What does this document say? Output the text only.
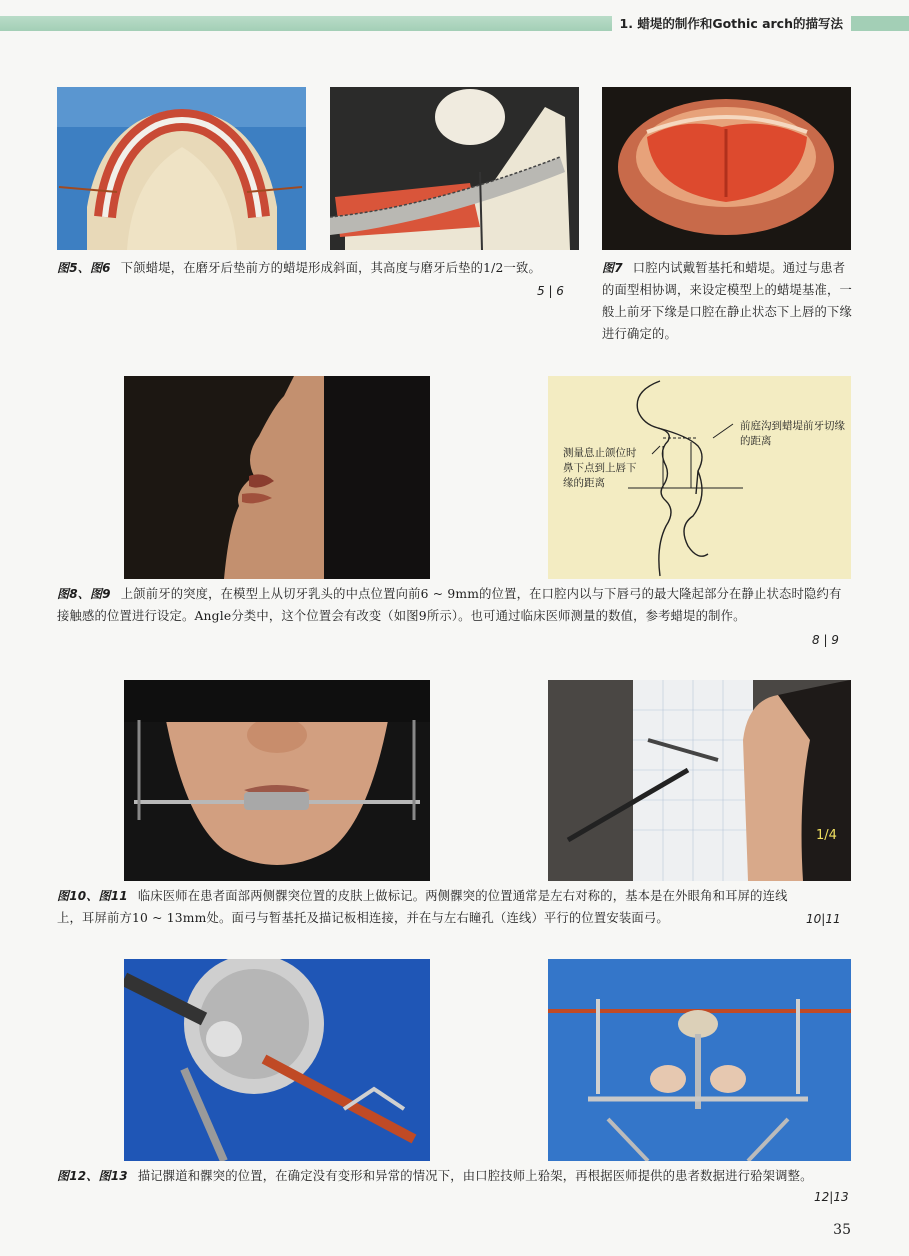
1. 蜡堤的制作和Gothic arch的描写法
图5、图6 下颌蜡堤，在磨牙后垫前方的蜡堤形成斜面，其高度与磨牙后垫的1/2一致。
5 | 6
图7 口腔内试戴暂基托和蜡堤。通过与患者的面型相协调，来设定模型上的蜡堤基准，一般上前牙下缘是口腔在静止状态下上唇的下缘进行确定的。
测量息止颌位时鼻下点到上唇下缘的距离
前庭沟到蜡堤前牙切缘的距离
图8、图9 上颌前牙的突度，在模型上从切牙乳头的中点位置向前6 ~ 9mm的位置，在口腔内以与下唇弓的最大隆起部分在静止状态时隐约有接触感的位置进行设定。Angle分类中，这个位置会有改变（如图9所示）。也可通过临床医师测量的数值，参考蜡堤的制作。
8 | 9
1/4
图10、图11 临床医师在患者面部两侧髁突位置的皮肤上做标记。两侧髁突的位置通常是左右对称的，基本是在外眼角和耳屏的连线上，耳屏前方10 ~ 13mm处。面弓与暂基托及描记板相连接，并在与左右瞳孔（连线）平行的位置安装面弓。	10|11
图12、图13 描记髁道和髁突的位置，在确定没有变形和异常的情况下，由口腔技师上𬌗架，再根据医师提供的患者数据进行𬌗架调整。
12|13
35
